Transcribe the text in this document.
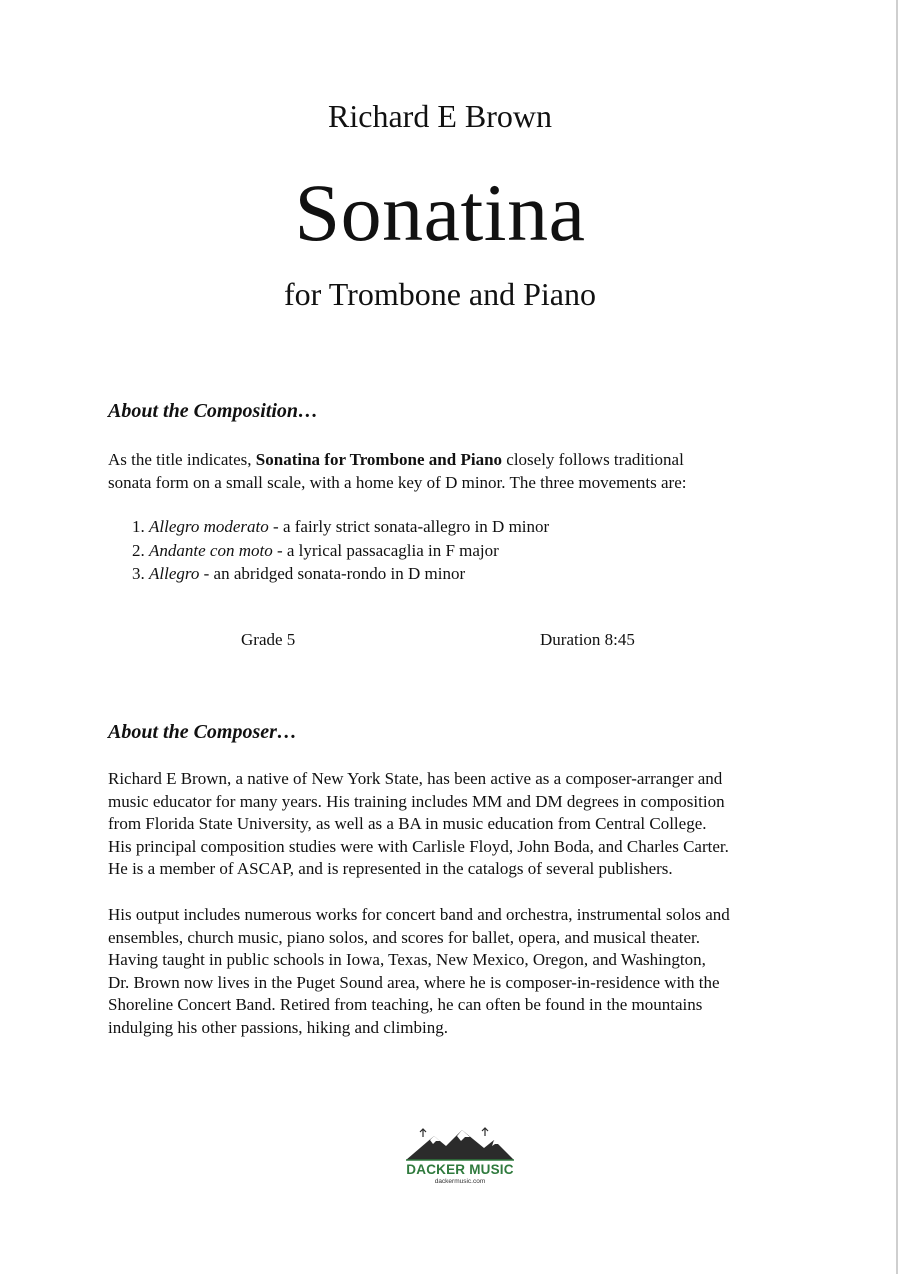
Richard E Brown
Sonatina
for Trombone and Piano
About the Composition…
As the title indicates, Sonatina for Trombone and Piano closely follows traditional
sonata form on a small scale, with a home key of D minor. The three movements are:
1. Allegro moderato - a fairly strict sonata-allegro in D minor
2. Andante con moto - a lyrical passacaglia in F major
3. Allegro - an abridged sonata-rondo in D minor
Grade 5	Duration 8:45
About the Composer…
Richard E Brown, a native of New York State, has been active as a composer-arranger and
music educator for many years. His training includes MM and DM degrees in composition
from Florida State University, as well as a BA in music education from Central College.
His principal composition studies were with Carlisle Floyd, John Boda, and Charles Carter.
He is a member of ASCAP, and is represented in the catalogs of several publishers.
His output includes numerous works for concert band and orchestra, instrumental solos and
ensembles, church music, piano solos, and scores for ballet, opera, and musical theater.
Having taught in public schools in Iowa, Texas, New Mexico, Oregon, and Washington,
Dr. Brown now lives in the Puget Sound area, where he is composer-in-residence with the
Shoreline Concert Band. Retired from teaching, he can often be found in the mountains
indulging his other passions, hiking and climbing.
DACKER MUSIC
dackermusic.com
